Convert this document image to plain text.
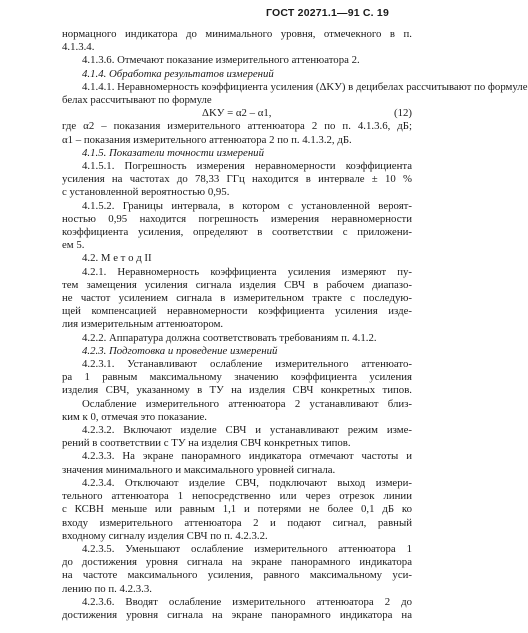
ГОСТ 20271.1—91 С. 19
нормацного индикатора до минимального уровня, отмечекного в п.
4.1.3.4.
4.1.3.6. Отмечают показание измерительного аттенюатора 2.
4.1.4. Обработка результатов измерений
4.1.4.1. Неравномерность коэффициента усиления (ΔKУ) в децибелах рассчитывают по формуле
белах рассчитывают по формуле
ΔKУ = α2 – α1,	(12)
где α2 – показания измерительного аттенюатора 2 по п. 4.1.3.6, дБ;
α1 – показания измерительного аттенюатора 2 по п. 4.1.3.2, дБ.
4.1.5. Показатели точности измерений
4.1.5.1. Погрешность измерения неравномерности коэффициента
усиления на частотах до 78,33 ГГц находится в интервале ± 10 %
с установленной вероятностью 0,95.
4.1.5.2. Границы интервала, в котором с установленной вероят-
ностью 0,95 находится погрешность измерения неравномерности
коэффициента усиления, определяют в соответствии с приложени-
ем 5.
4.2. М е т о д II
4.2.1. Неравномерность коэффициента усиления измеряют пу-
тем замещения усиления сигнала изделия СВЧ в рабочем диапазо-
не частот усилением сигнала в измерительном тракте с последую-
щей компенсацией неравномерности коэффициента усиления изде-
лия измерительным аттенюатором.
4.2.2. Аппаратура должна соответствовать требованиям п. 4.1.2.
4.2.3. Подготовка и проведение измерений
4.2.3.1. Устанавливают ослабление измерительного аттенюато-
ра 1 равным максимальному значению коэффициента усиления
изделия СВЧ, указанному в ТУ на изделия СВЧ конкретных типов.
Ослабление измерительного аттенюатора 2 устанавливают близ-
ким к 0, отмечая это показание.
4.2.3.2. Включают изделие СВЧ и устанавливают режим изме-
рений в соответствии с ТУ на изделия СВЧ конкретных типов.
4.2.3.3. На экране панорамного индикатора отмечают частоты и
значения минимального и максимального уровней сигнала.
4.2.3.4. Отключают изделие СВЧ, подключают выход измери-
тельного аттенюатора 1 непосредственно или через отрезок линии
с КСВН меньше или равным 1,1 и потерями не более 0,1 дБ ко
входу измерительного аттенюатора 2 и подают сигнал, равный
входному сигналу изделия СВЧ по п. 4.2.3.2.
4.2.3.5. Уменьшают ослабление измерительного аттенюатора 1
до достижения уровня сигнала на экране панорамного индикатора
на частоте максимального усиления, равного максимальному уси-
лению по п. 4.2.3.3.
4.2.3.6. Вводят ослабление измерительного аттенюатора 2 до
достижения уровня сигнала на экране панорамного индикатора на
